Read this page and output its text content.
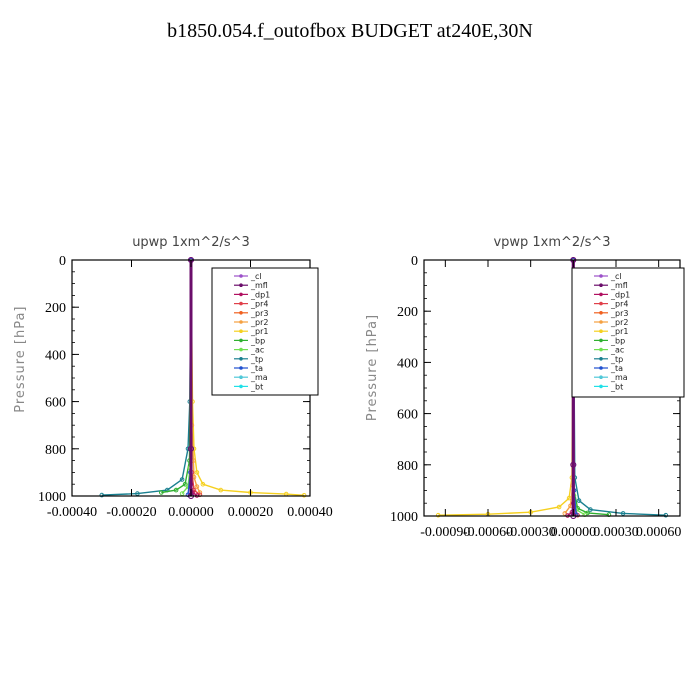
b1850.054.f_outofbox BUDGET at240E,30N
upwp 1xm^2/s^3
Pressure [hPa]
0
200
400
600
800
1000
-0.00040 -0.00020 0.00000 0.00020 0.00040
_cl
_mfl
_dp1
_pr4
_pr3
_pr2
_pr1
_bp
_ac
_tp
_ta
_ma
_bt
vpwp 1xm^2/s^3
Pressure [hPa]
0
200
400
600
800
1000
-0.00090
-0.00060
-0.00030
0.00000
0.00030
0.00060
_cl
_mfl
_dp1
_pr4
_pr3
_pr2
_pr1
_bp
_ac
_tp
_ta
_ma
_bt
